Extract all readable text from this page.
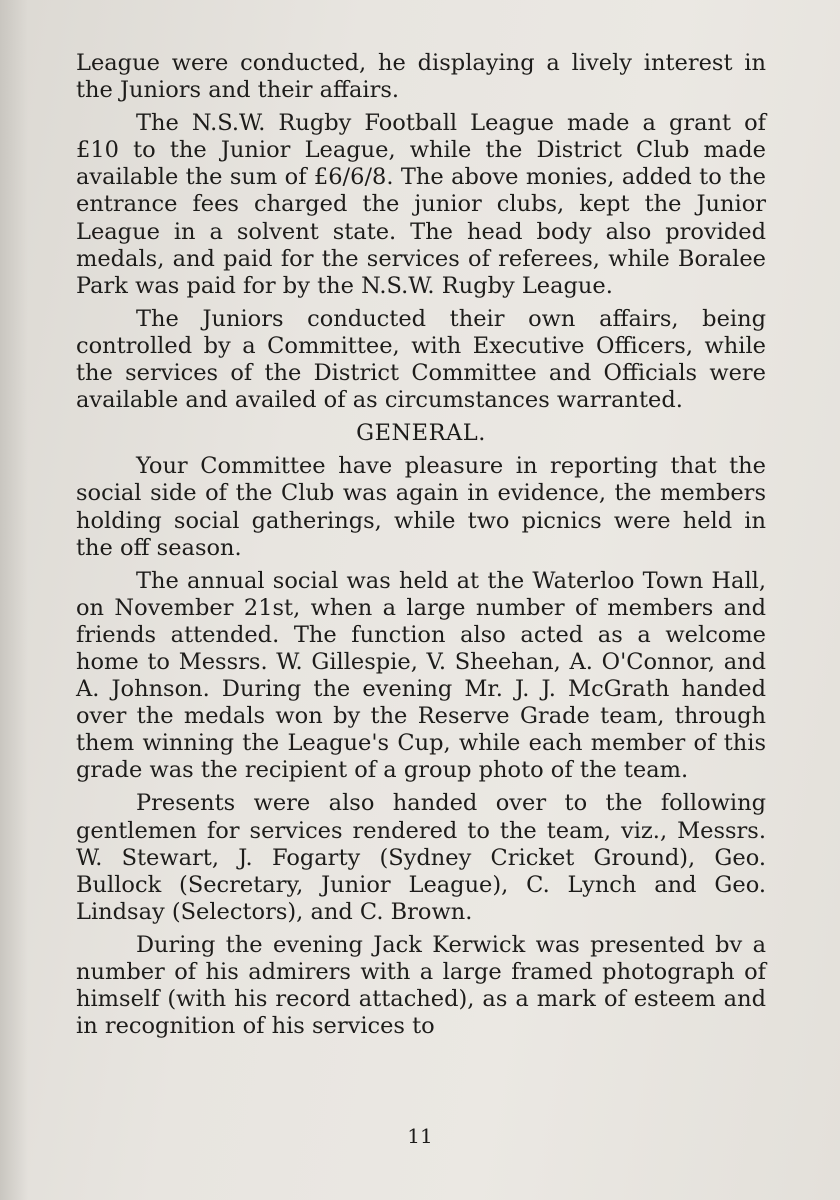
League were conducted, he displaying a lively interest in the Juniors and their affairs.

The N.S.W. Rugby Football League made a grant of £10 to the Junior League, while the District Club made available the sum of £6/6/8. The above monies, added to the entrance fees charged the junior clubs, kept the Junior League in a solvent state. The head body also provided medals, and paid for the services of referees, while Boralee Park was paid for by the N.S.W. Rugby League.

The Juniors conducted their own affairs, being controlled by a Committee, with Executive Officers, while the services of the District Committee and Officials were available and availed of as circumstances warranted.

GENERAL.

Your Committee have pleasure in reporting that the social side of the Club was again in evidence, the members holding social gatherings, while two picnics were held in the off season.

The annual social was held at the Waterloo Town Hall, on November 21st, when a large number of members and friends attended. The function also acted as a welcome home to Messrs. W. Gillespie, V. Sheehan, A. O'Connor, and A. Johnson. During the evening Mr. J. J. McGrath handed over the medals won by the Reserve Grade team, through them winning the League's Cup, while each member of this grade was the recipient of a group photo of the team.

Presents were also handed over to the following gentlemen for services rendered to the team, viz., Messrs. W. Stewart, J. Fogarty (Sydney Cricket Ground), Geo. Bullock (Secretary, Junior League), C. Lynch and Geo. Lindsay (Selectors), and C. Brown.

During the evening Jack Kerwick was presented bv a number of his admirers with a large framed photograph of himself (with his record attached), as a mark of esteem and in recognition of his services to

11
